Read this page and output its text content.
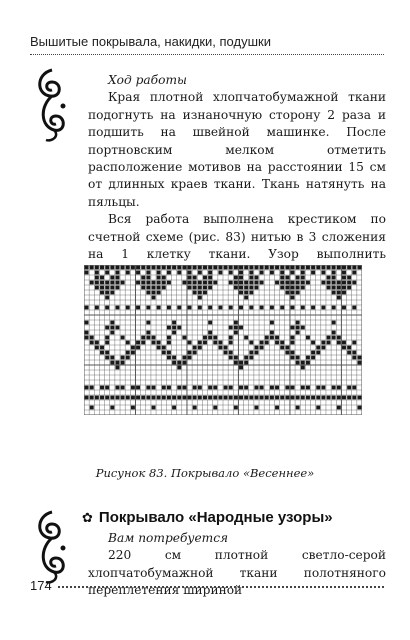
Вышитые покрывала, накидки, подушки

Ход работы

Края плотной хлопчатобумажной ткани подогнуть на изнаночную сторону 2 раза и подшить на швейной машинке. После портновским мелком отметить расположение мотивов на расстоянии 15 см от длинных краев ткани. Ткань натянуть на пяльцы.

Вся работа выполнена крестиком по счетной схеме (рис. 83) нитью в 3 сложения на 1 клетку ткани. Узор выполнить

Рисунок 83. Покрывало «Весеннее»
✿ Покрывало «Народные узоры»

Вам потребуется

220 см плотной светло-серой хлопчатобумажной ткани полотняного переплетения шириной

174
